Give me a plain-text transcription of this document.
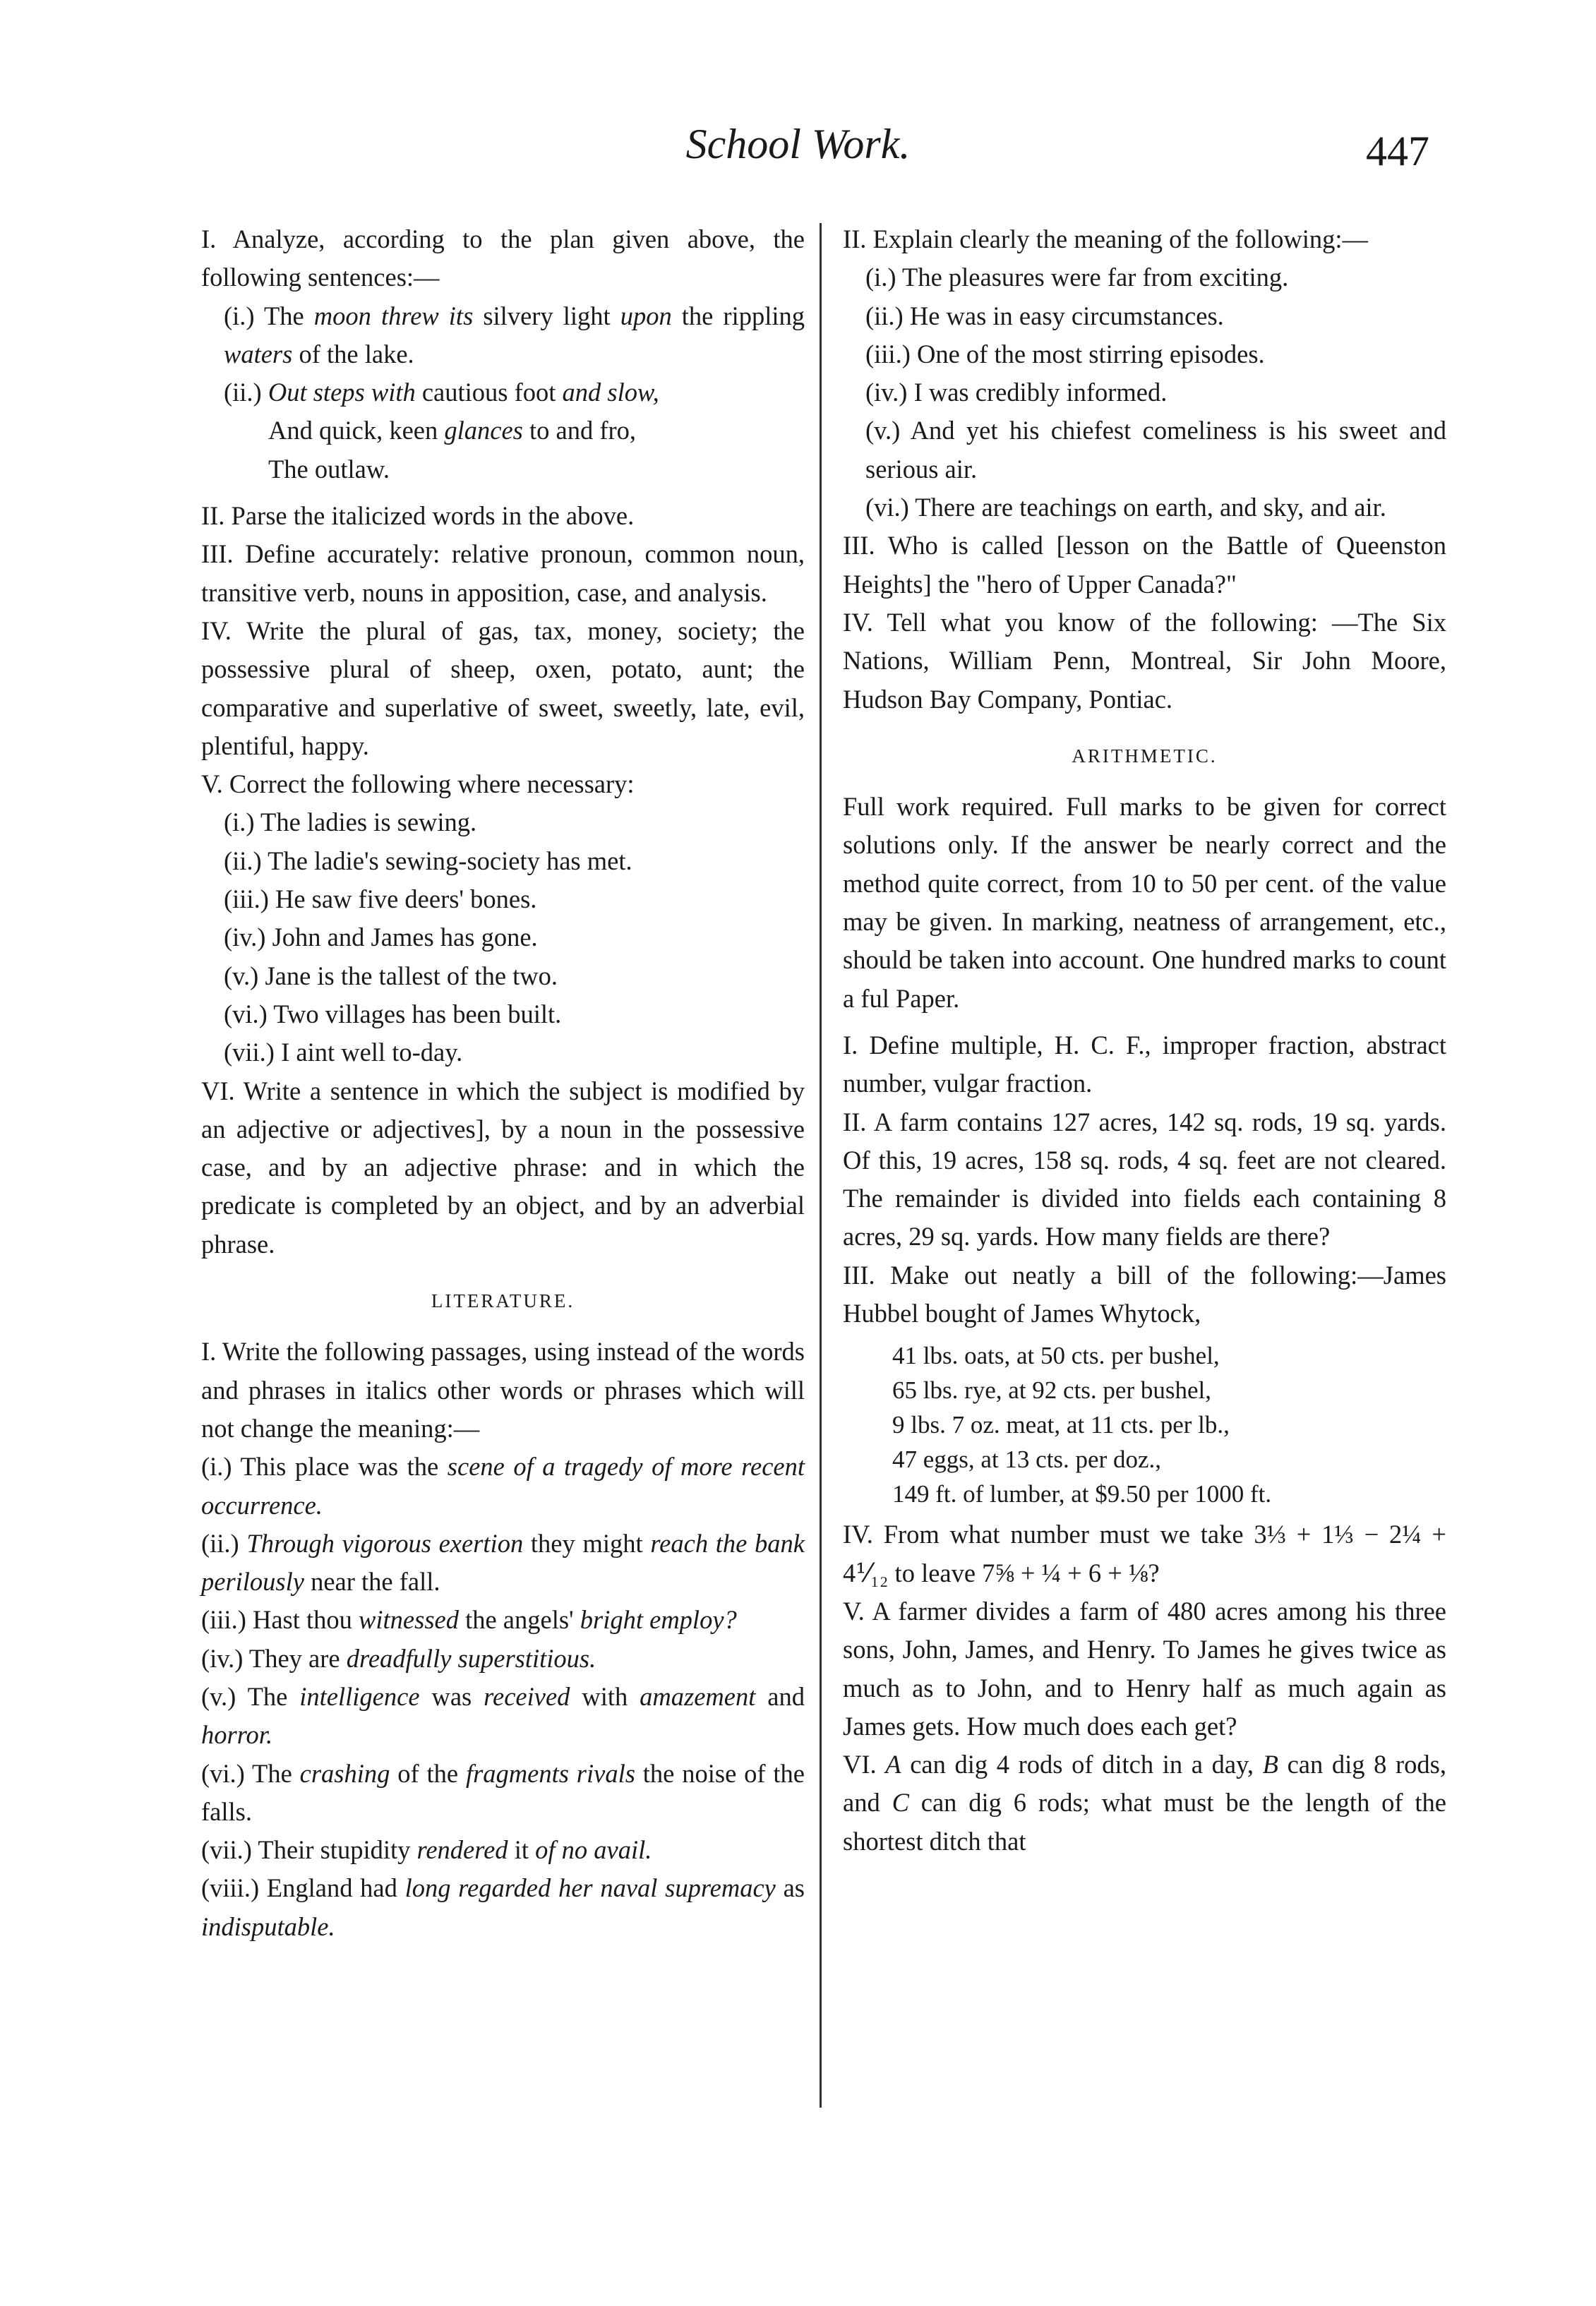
School Work.	447

I. Analyze, according to the plan given above, the following sentences:—

(i.) The moon threw its silvery light upon the rippling waters of the lake.

(ii.) Out steps with cautious foot and slow,

And quick, keen glances to and fro,

The outlaw.

II. Parse the italicized words in the above.

III. Define accurately: relative pronoun, common noun, transitive verb, nouns in apposition, case, and analysis.

IV. Write the plural of gas, tax, money, society; the possessive plural of sheep, oxen, potato, aunt; the comparative and superlative of sweet, sweetly, late, evil, plentiful, happy.

V. Correct the following where necessary:

(i.) The ladies is sewing.

(ii.) The ladie's sewing-society has met.

(iii.) He saw five deers' bones.

(iv.) John and James has gone.

(v.) Jane is the tallest of the two.

(vi.) Two villages has been built.

(vii.) I aint well to-day.

VI. Write a sentence in which the subject is modified by an adjective or adjectives], by a noun in the possessive case, and by an adjective phrase: and in which the predicate is completed by an object, and by an adverbial phrase.

LITERATURE.

I. Write the following passages, using instead of the words and phrases in italics other words or phrases which will not change the meaning:—

(i.) This place was the scene of a tragedy of more recent occurrence.

(ii.) Through vigorous exertion they might reach the bank perilously near the fall.

(iii.) Hast thou witnessed the angels' bright employ?

(iv.) They are dreadfully superstitious.

(v.) The intelligence was received with amazement and horror.

(vi.) The crashing of the fragments rivals the noise of the falls.

(vii.) Their stupidity rendered it of no avail.

(viii.) England had long regarded her naval supremacy as indisputable.

II. Explain clearly the meaning of the following:—

(i.) The pleasures were far from exciting.

(ii.) He was in easy circumstances.

(iii.) One of the most stirring episodes.

(iv.) I was credibly informed.

(v.) And yet his chiefest comeliness is his sweet and serious air.

(vi.) There are teachings on earth, and sky, and air.

III. Who is called [lesson on the Battle of Queenston Heights] the "hero of Upper Canada?"

IV. Tell what you know of the following: —The Six Nations, William Penn, Montreal, Sir John Moore, Hudson Bay Company, Pontiac.

ARITHMETIC.

Full work required. Full marks to be given for correct solutions only. If the answer be nearly correct and the method quite correct, from 10 to 50 per cent. of the value may be given. In marking, neatness of arrangement, etc., should be taken into account. One hundred marks to count a ful Paper.

I. Define multiple, H. C. F., improper fraction, abstract number, vulgar fraction.

II. A farm contains 127 acres, 142 sq. rods, 19 sq. yards. Of this, 19 acres, 158 sq. rods, 4 sq. feet are not cleared. The remainder is divided into fields each containing 8 acres, 29 sq. yards. How many fields are there?

III. Make out neatly a bill of the following:—James Hubbel bought of James Whytock,

41 lbs. oats, at 50 cts. per bushel,
65 lbs. rye, at 92 cts. per bushel,
9 lbs. 7 oz. meat, at 11 cts. per lb.,
47 eggs, at 13 cts. per doz.,
149 ft. of lumber, at $9.50 per 1000 ft.

IV. From what number must we take 3⅓ + 1⅓ − 2¼ + 4⅟₁₂ to leave 7⅝ + ¼ + 6 + ⅛?

V. A farmer divides a farm of 480 acres among his three sons, John, James, and Henry. To James he gives twice as much as to John, and to Henry half as much again as James gets. How much does each get?

VI. A can dig 4 rods of ditch in a day, B can dig 8 rods, and C can dig 6 rods; what must be the length of the shortest ditch that
